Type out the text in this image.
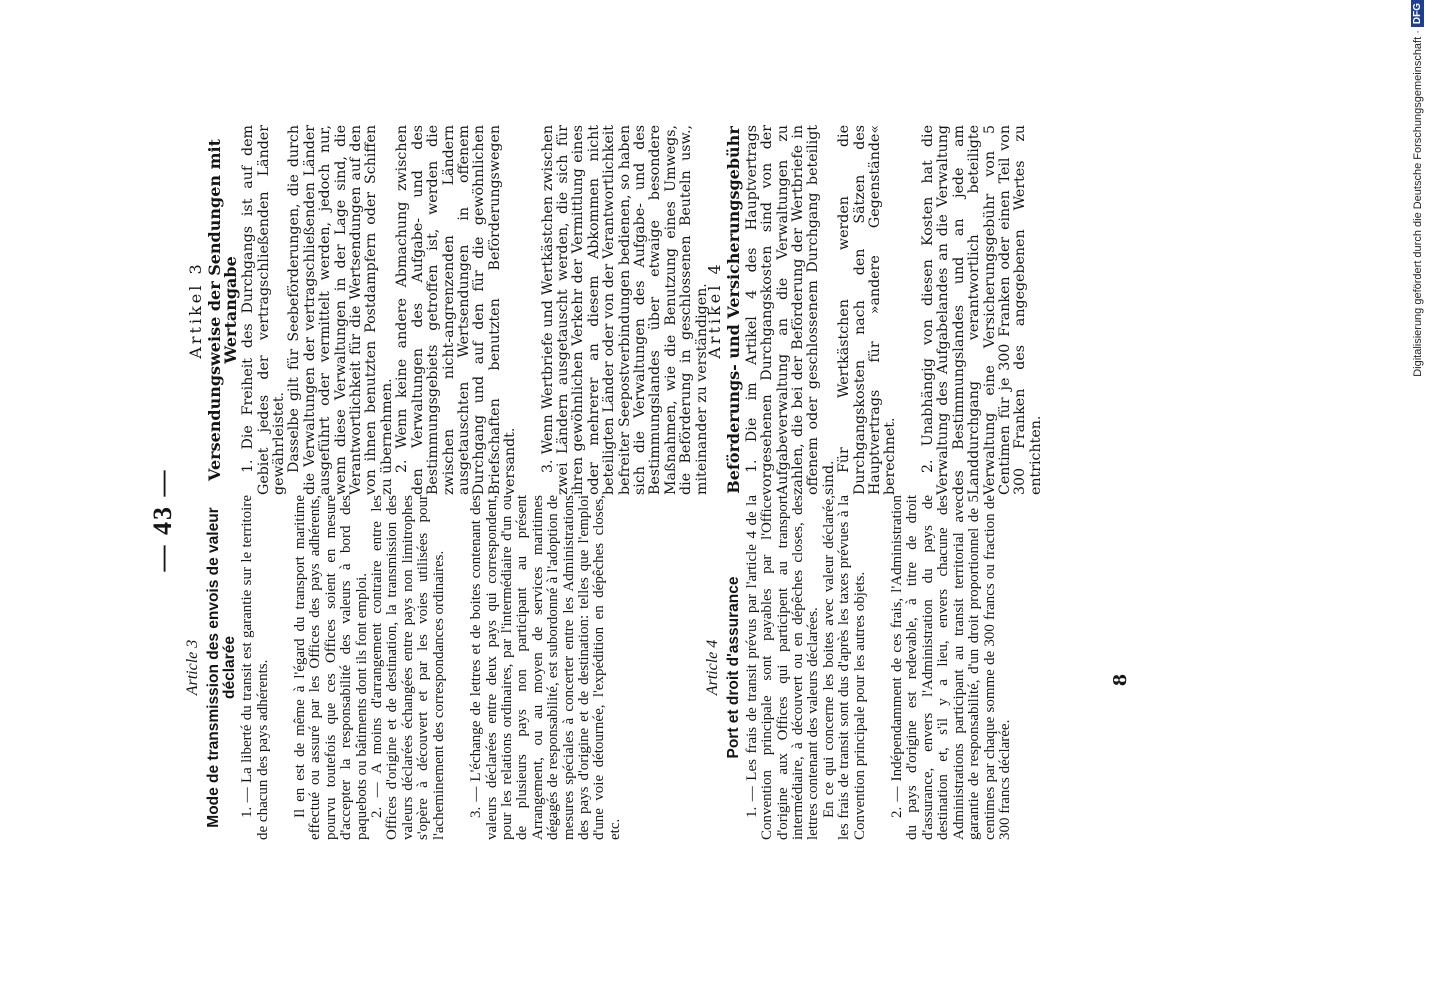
— 43 —
Article 3 Mode de transmission des envois de valeur déclarée 1. — La liberté du transit est garantie sur le territoire de chacun des pays adhérents. Il en est de même à l'égard du transport maritime effectué ou assuré par les Offices des pays adhérents, pourvu toutefois que ces Offices soient en mesure d'accepter la responsabilité des valeurs à bord des paquebots ou bâtiments dont ils font emploi. 2. — A moins d'arrangement contraire entre les Offices d'origine et de destination, la transmission des valeurs déclarées échangées entre pays non limitrophes s'opère à découvert et par les voies utilisées pour l'acheminement des correspondances ordinaires. 3. — L'échange de lettres et de boites contenant des valeurs déclarées entre deux pays qui correspondent, pour les relations ordinaires, par l'intermédiaire d'un ou de plusieurs pays non participant au présent Arrangement, ou au moyen de services maritimes dégagés de responsabilité, est subordonné à l'adoption de mesures spéciales à concerter entre les Administrations des pays d'origine et de destination: telles que l'emploi d'une voie détournée, l'expédition en dépêches closes, etc.

Artikel 3 Versendungsweise der Sendungen mit Wertangabe 1. Die Freiheit des Durchgangs ist auf dem Gebiet jedes der vertragschließenden Länder gewährleistet. Dasselbe gilt für Seebeförderungen, die durch die Verwaltungen der vertragschließenden Länder ausgeführt oder vermittelt werden, jedoch nur, wenn diese Verwaltungen in der Lage sind, die Verantwortlichkeit für die Wertsendungen auf den von ihnen benutzten Postdampfern oder Schiffen zu übernehmen. 2. Wenn keine andere Abmachung zwischen den Verwaltungen des Aufgabe- und des Bestimmungsgebiets getroffen ist, werden die zwischen nicht-angrenzenden Ländern ausgetauschten Wertsendungen in offenem Durchgang und auf den für die gewöhnlichen Briefschaften benutzten Beförderungswegen versandt. 3. Wenn Wertbriefe und Wertkästchen zwischen zwei Ländern ausgetauscht werden, die sich für ihren gewöhnlichen Verkehr der Vermittlung eines oder mehrerer an diesem Abkommen nicht beteiligten Länder oder von der Verantwortlichkeit befreiter Seepostverbindungen bedienen, so haben sich die Verwaltungen des Aufgabe- und des Bestimmungslandes über etwaige besondere Maßnahmen, wie die Benutzung eines Umwegs, die Beförderung in geschlossenen Beuteln usw., miteinander zu verständigen.

Article 4 Port et droit d'assurance 1. — Les frais de transit prévus par l'article 4 de la Convention principale sont payables par l'Office d'origine aux Offices qui participent au transport intermédiaire, à découvert ou en dépêches closes, des lettres contenant des valeurs déclarées. En ce qui concerne les boites avec valeur déclarée, les frais de transit sont dus d'après les taxes prévues à la Convention principale pour les autres objets. 2. — Indépendamment de ces frais, l'Administration du pays d'origine est redevable, à titre de droit d'assurance, envers l'Administration du pays de destination et, s'il y a lieu, envers chacune des Administrations participant au transit territorial avec garantie de responsabilité, d'un droit proportionnel de 5 centimes par chaque somme de 300 francs ou fraction de 300 francs déclarée.

Artikel 4 Beförderungs- und Versicherungsgebühr 1. Die im Artikel 4 des Hauptvertrags vorgesehenen Durchgangskosten sind von der Aufgabeverwaltung an die Verwaltungen zu zahlen, die bei der Beförderung der Wertbriefe in offenem oder geschlossenem Durchgang beteiligt sind.

Für Wertkästchen werden die Durchgangskosten nach den Sätzen des Hauptvertrags für »andere Gegenstände« berechnet. 2. Unabhängig von diesen Kosten hat die Verwaltung des Aufgabelandes an die Verwaltung des Bestimmungslandes und an jede am Landdurchgang verantwortlich beteiligte Verwaltung eine Versicherungsgebühr von 5 Centimen für je 300 Franken oder einen Teil von 300 Franken des angegebenen Wertes zu entrichten.

8
Digitalisierung gefördert durch die Deutsche Forschungsgemeinschaft ·
DFG
